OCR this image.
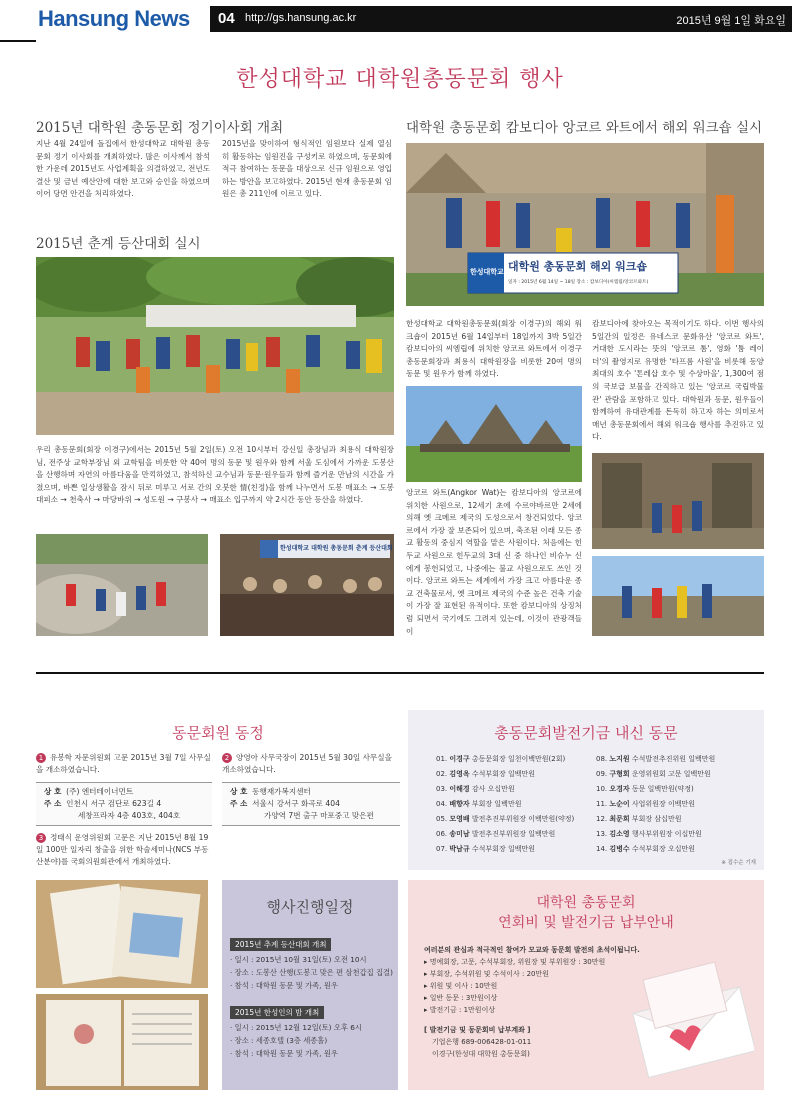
Hansung News 04 http://gs.hansung.ac.kr	2015년 9월 1일 화요일
한성대학교 대학원총동문회 행사
2015년 대학원 총동문회 정기이사회 개최
지난 4월 24일에 돌집에서 한성대학교 대학원 총동문회 정기 이사회를 개최하였다. 많은 이사께서 참석한 가운데 2015년도 사업계획을 의결하였고, 전년도 결산 및 금년 예산안에 대한 보고와 승인을 하였으며 이어 당면 안건을 처리하였다.
2015년을 맞이하여 형식적인 임원보다 실제 열심히 활동하는 임원진을 구성키로 하였으며, 동문회에 적극 참여하는 동문을 대상으로 신규 임원으로 영입하는 방안을 보고하였다. 2015년 현재 총동문회 임원은 총 211인에 이르고 있다.
2015년 춘계 등산대회 실시
우리 총동문회(회장 이경구)에서는 2015년 5월 2일(토) 오전 10시부터 강신일 총장님과 최용식 대학원장님, 전주상 교학부장님 외 교학팀을 비롯한 약 40여 명의 동문 및 원우와 함께 서울 도심에서 가까운 도봉산을 산행하며 자연의 아름다움을 만끽하였고, 참석하신 교수님과 동문·원우들과 함께 즐거운 만남의 시간을 가졌으며, 바쁜 일상생활을 잠시 뒤로 미루고 서로 간의 오붓한 情(친정)을 함께 나누면서 도봉 매표소 → 도봉대피소 → 천축사 → 마당바위 → 성도원 → 구봉사 → 매표소 입구까지 약 2시간 동안 등산을 하였다.
한성대학교 대학원 총동문회 춘계 등산대회
대학원 총동문회 캄보디아 앙코르 와트에서 해외 워크숍 실시
한성대학교 대학원 총동문회 해외 워크숍
일자 : 2015년 6월 14일 ~ 18일 장소 : 캄보디아(씨엠립/앙코르와트)
한성대학교 대학원총동문회(회장 이경구)의 해외 워크숍이 2015년 6월 14일부터 18일까지 3박 5일간 캄보디아의 씨엠립에 위치한 앙코르 와트에서 이경구 총동문회장과 최용식 대학원장을 비롯한 20여 명의 동문 및 원우가 함께 하였다.
캄보디아에 찾아오는 목적이기도 하다. 이번 행사의 5일간의 일정은 유네스코 문화유산 '앙코르 와트', 거대한 도시라는 뜻의 '앙코르 톰', 영화 '툼 레이더'의 촬영지로 유명한 '타프롬 사원'을 비롯해 동양 최대의 호수 '톤레삽 호수 및 수상마을', 1,300여 점의 국보급 보물을 간직하고 있는 '앙코르 국립박물관' 관람을 포함하고 있다. 대학원과 동문, 원우들이 함께하여 유대관계를 돈독히 하고자 하는 의미로서 매년 총동문회에서 해외 워크숍 행사를 추진하고 있다.
앙코르 와트(Angkor Wat)는 캄보디아의 앙코르에 위치한 사원으로, 12세기 초에 수르야바르만 2세에 의해 옛 크메르 제국의 도성으로서 창건되었다. 앙코르에서 가장 잘 보존되어 있으며, 축조된 이래 모든 종교 활동의 중심지 역할을 맡은 사원이다. 처음에는 힌두교 사원으로 힌두교의 3대 신 중 하나인 비슈누 신에게 봉헌되었고, 나중에는 불교 사원으로도 쓰인 것이다. 앙코르 와트는 세계에서 가장 크고 아름다운 종교 건축물로서, 옛 크메르 제국의 수준 높은 건축 기술이 가장 잘 표현된 유적이다. 또한 캄보디아의 상징처럼 되면서 국기에도 그려져 있는데, 이것이 관광객들이
동문회원 동정
1 유봉학 자문위원회 고문 2015년 3월 7일 사무실을 개소하였습니다.
상 호 (주) 엔터테이너먼트
주 소 인천시 서구 검단로 623길 4
세창프라자 4층 403호, 404호
2 양영아 사무국장이 2015년 5월 30일 사무실을 개소하였습니다.
상 호 동행재가복지센터
주 소 서울시 강서구 화곡로 404
가양역 7번 출구 마포중고 맞은편
3 정태식 운영위원회 고문은 지난 2015년 8월 19일 100만 일자리 창출을 위한 학술세미나(NCS 부동산분야)를 국회의원회관에서 개최하였다.
총동문회발전기금 내신 동문
01. 이경구 총동문회장 일천이백만원(2회)
02. 김영옥 수석부회장 일백만원
03. 이해경 감사 오십만원
04. 배향자 부회장 일백만원
05. 모영배 발전추진부위원장 이백만원(약정)
06. 송미남 발전추진부위원장 일백만원
07. 박남규 수석부회장 일백만원
08. 노지원 수석발전추진위원 일백만원
09. 구형회 운영위원회 고문 일백만원
10. 오경자 동문 일백만원(약정)
11. 노순이 사업위원장 이백만원
12. 최문희 부회장 삼십만원
13. 김소영 행사부위원장 이십만원
14. 김병수 수석부회장 오십만원
※ 접수순 기재
행사진행일정
2015년 추계 등산대회 개최
· 일시 : 2015년 10월 31일(토) 오전 10시
· 장소 : 도봉산 산행(도봉고 맞은 편 삼천갑집 집결)
· 참석 : 대학원 동문 및 가족, 원우
2015년 한성인의 밤 개최
· 일시 : 2015년 12월 12일(토) 오후 6시
· 장소 : 세종호텔 (3층 세종홀)
· 참석 : 대학원 동문 및 가족, 원우
대학원 총동문회
연회비 및 발전기금 납부안내
여러분의 관심과 적극적인 참여가 모교와 동문회 발전의 초석이됩니다.
▸ 명예회장, 고문, 수석부회장, 위원장 및 부위원장 : 30만원
▸ 부회장, 수석위원 및 수석이사 : 20만원
▸ 위원 및 이사 : 10만원
▸ 일반 동문 : 3만원이상
▸ 발전기금 : 1만원이상
[ 발전기금 및 동문회비 납부계좌 ]
기업은행 689-006428-01-011
이경구(한성대 대학원 총동문회)
